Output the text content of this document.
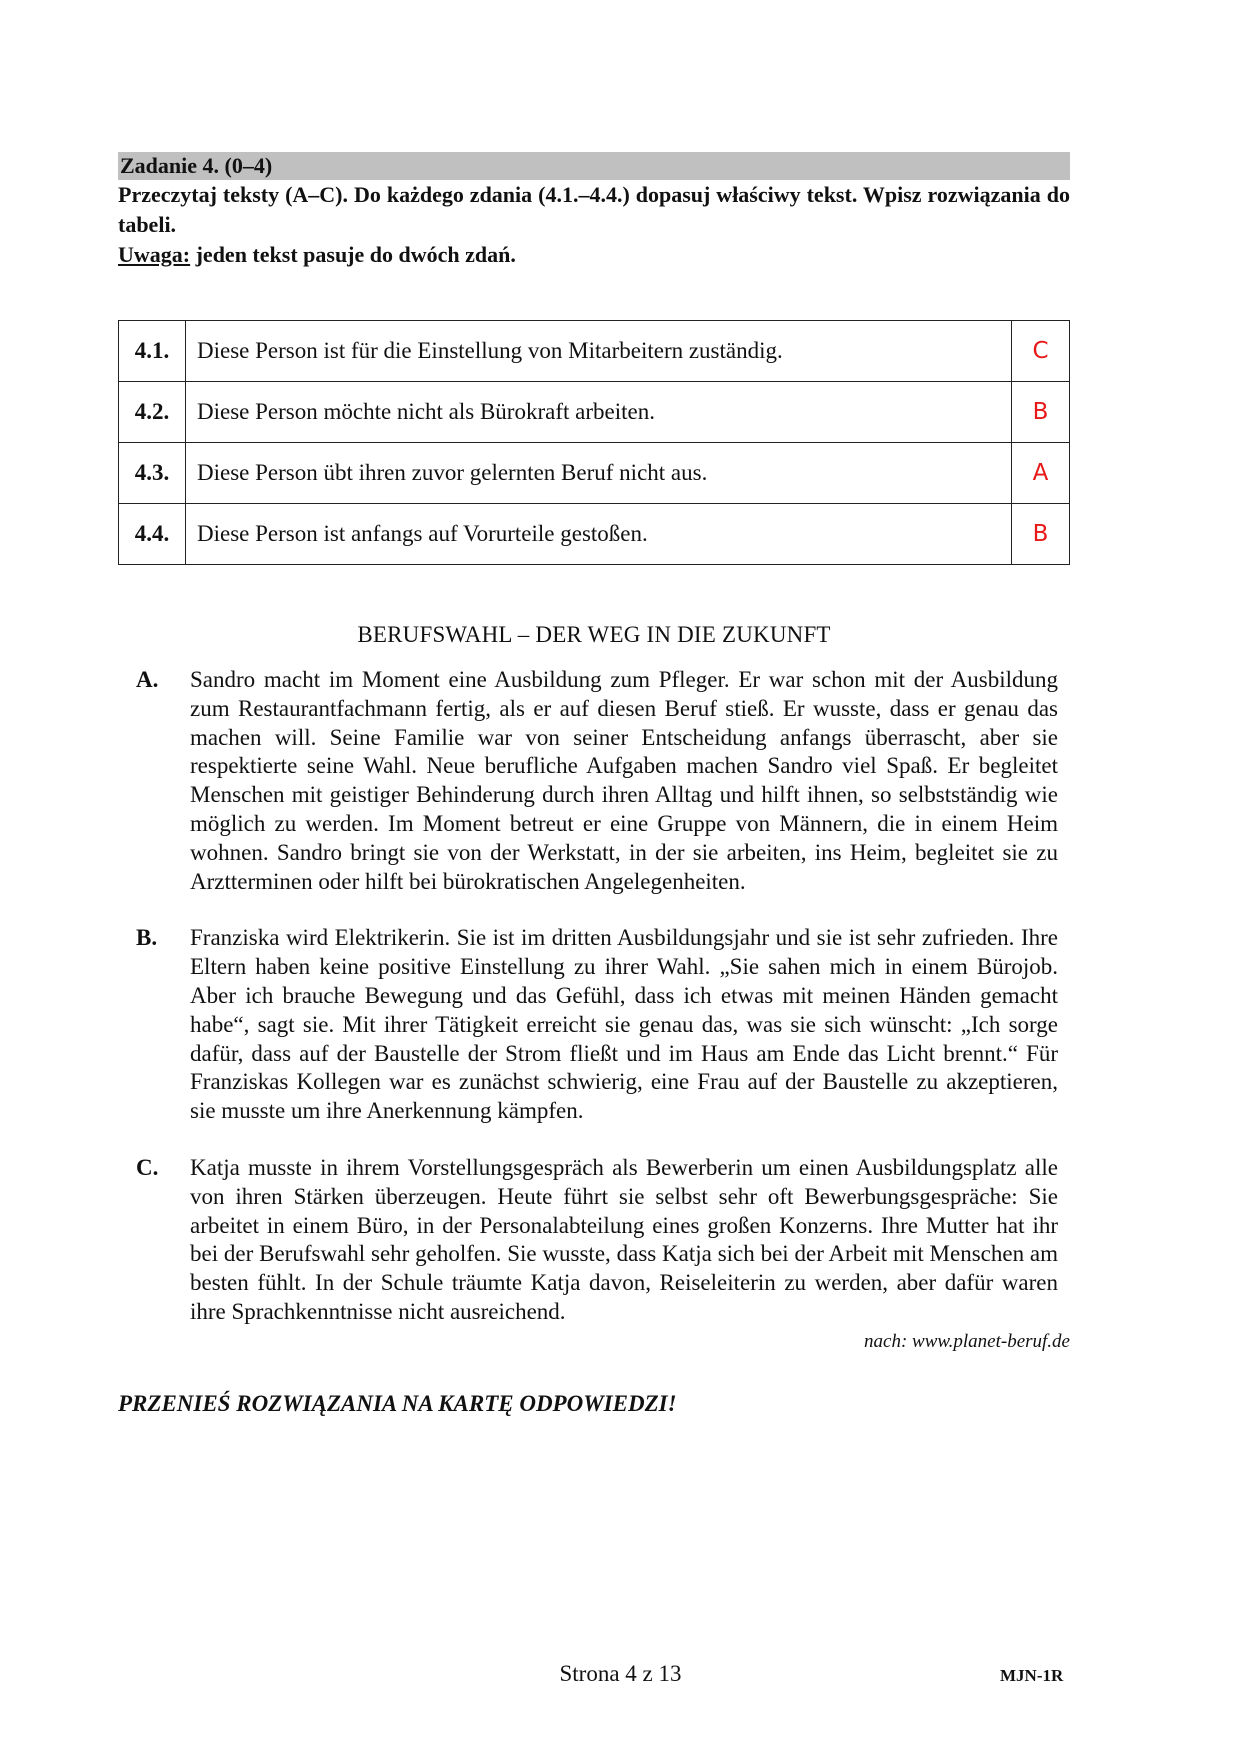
Zadanie 4. (0–4)
Przeczytaj teksty (A–C). Do każdego zdania (4.1.–4.4.) dopasuj właściwy tekst. Wpisz rozwiązania do tabeli.
Uwaga: jeden tekst pasuje do dwóch zdań.
4.1.	Diese Person ist für die Einstellung von Mitarbeitern zuständig.	C
4.2.	Diese Person möchte nicht als Bürokraft arbeiten.	B
4.3.	Diese Person übt ihren zuvor gelernten Beruf nicht aus.	A
4.4.	Diese Person ist anfangs auf Vorurteile gestoßen.	B
BERUFSWAHL – DER WEG IN DIE ZUKUNFT
A. Sandro macht im Moment eine Ausbildung zum Pfleger. Er war schon mit der Ausbildung zum Restaurantfachmann fertig, als er auf diesen Beruf stieß. Er wusste, dass er genau das machen will. Seine Familie war von seiner Entscheidung anfangs überrascht, aber sie respektierte seine Wahl. Neue berufliche Aufgaben machen Sandro viel Spaß. Er begleitet Menschen mit geistiger Behinderung durch ihren Alltag und hilft ihnen, so selbstständig wie möglich zu werden. Im Moment betreut er eine Gruppe von Männern, die in einem Heim wohnen. Sandro bringt sie von der Werkstatt, in der sie arbeiten, ins Heim, begleitet sie zu Arztterminen oder hilft bei bürokratischen Angelegenheiten.
B. Franziska wird Elektrikerin. Sie ist im dritten Ausbildungsjahr und sie ist sehr zufrieden. Ihre Eltern haben keine positive Einstellung zu ihrer Wahl. „Sie sahen mich in einem Bürojob. Aber ich brauche Bewegung und das Gefühl, dass ich etwas mit meinen Händen gemacht habe“, sagt sie. Mit ihrer Tätigkeit erreicht sie genau das, was sie sich wünscht: „Ich sorge dafür, dass auf der Baustelle der Strom fließt und im Haus am Ende das Licht brennt.“ Für Franziskas Kollegen war es zunächst schwierig, eine Frau auf der Baustelle zu akzeptieren, sie musste um ihre Anerkennung kämpfen.
C. Katja musste in ihrem Vorstellungsgespräch als Bewerberin um einen Ausbildungsplatz alle von ihren Stärken überzeugen. Heute führt sie selbst sehr oft Bewerbungsgespräche: Sie arbeitet in einem Büro, in der Personalabteilung eines großen Konzerns. Ihre Mutter hat ihr bei der Berufswahl sehr geholfen. Sie wusste, dass Katja sich bei der Arbeit mit Menschen am besten fühlt. In der Schule träumte Katja davon, Reiseleiterin zu werden, aber dafür waren ihre Sprachkenntnisse nicht ausreichend.
nach: www.planet-beruf.de
PRZENIEŚ ROZWIĄZANIA NA KARTĘ ODPOWIEDZI!
Strona 4 z 13	MJN-1R
